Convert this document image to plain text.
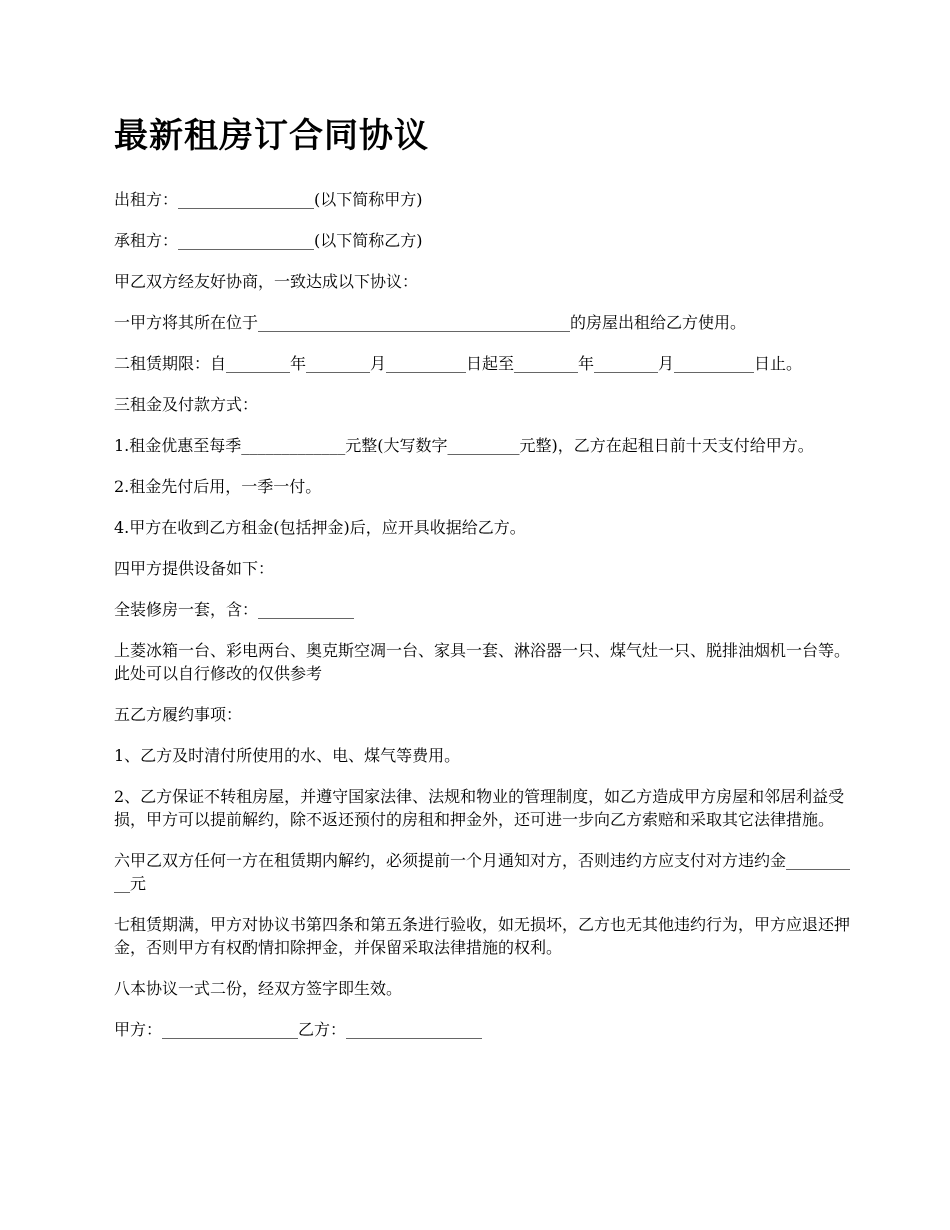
最新租房订合同协议

出租方：_________________(以下简称甲方)

承租方：_________________(以下简称乙方)

甲乙双方经友好协商，一致达成以下协议：

一甲方将其所在位于_______________________________________的房屋出租给乙方使用。

二租赁期限：自________年________月__________日起至________年________月__________日止。

三租金及付款方式：

1.租金优惠至每季_____________元整(大写数字_________元整)，乙方在起租日前十天支付给甲方。

2.租金先付后用，一季一付。

4.甲方在收到乙方租金(包括押金)后，应开具收据给乙方。

四甲方提供设备如下：

全装修房一套，含：____________

上菱冰箱一台、彩电两台、奥克斯空凋一台、家具一套、淋浴器一只、煤气灶一只、脱排油烟机一台等。此处可以自行修改的仅供参考

五乙方履约事项：

1、乙方及时清付所使用的水、电、煤气等费用。

2、乙方保证不转租房屋，并遵守国家法律、法规和物业的管理制度，如乙方造成甲方房屋和邻居利益受损，甲方可以提前解约，除不返还预付的房租和押金外，还可进一步向乙方索赔和采取其它法律措施。

六甲乙双方任何一方在租赁期内解约，必须提前一个月通知对方，否则违约方应支付对方违约金__________元

七租赁期满，甲方对协议书第四条和第五条进行验收，如无损坏，乙方也无其他违约行为，甲方应退还押金，否则甲方有权酌情扣除押金，并保留采取法律措施的权利。

八本协议一式二份，经双方签字即生效。

甲方：_________________乙方：_________________
